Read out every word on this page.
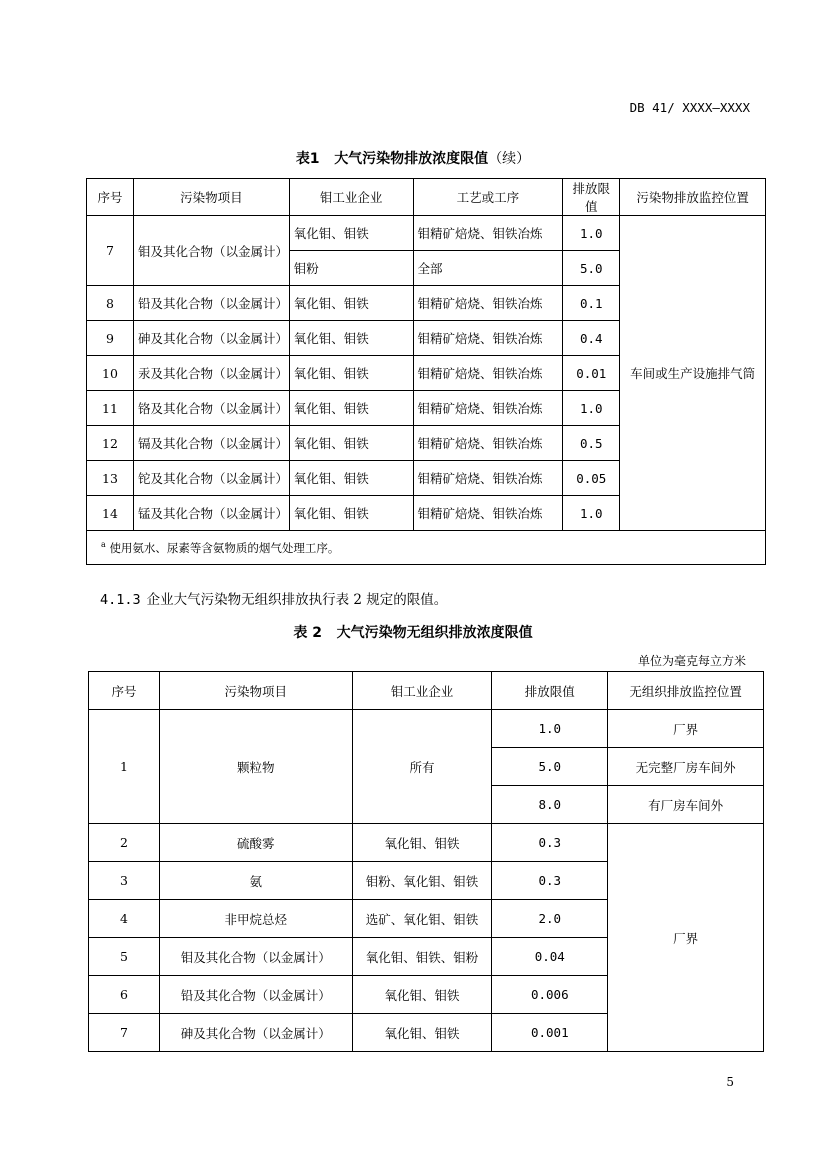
DB 41/ XXXX—XXXX
表1 大气污染物排放浓度限值（续）
序号	污染物项目	钼工业企业	工艺或工序	排放限值	污染物排放监控位置
7	钼及其化合物（以金属计）	氧化钼、钼铁	钼精矿焙烧、钼铁冶炼	1.0	车间或生产设施排气筒
		钼粉	全部	5.0	
8	铅及其化合物（以金属计）	氧化钼、钼铁	钼精矿焙烧、钼铁冶炼	0.1	
9	砷及其化合物（以金属计）	氧化钼、钼铁	钼精矿焙烧、钼铁冶炼	0.4	
10	汞及其化合物（以金属计）	氧化钼、钼铁	钼精矿焙烧、钼铁冶炼	0.01	
11	铬及其化合物（以金属计）	氧化钼、钼铁	钼精矿焙烧、钼铁冶炼	1.0	
12	镉及其化合物（以金属计）	氧化钼、钼铁	钼精矿焙烧、钼铁冶炼	0.5	
13	铊及其化合物（以金属计）	氧化钼、钼铁	钼精矿焙烧、钼铁冶炼	0.05	
14	锰及其化合物（以金属计）	氧化钼、钼铁	钼精矿焙烧、钼铁冶炼	1.0	
$^a$ 使用氨水、尿素等含氨物质的烟气处理工序。					
4.1.3 企业大气污染物无组织排放执行表 2 规定的限值。
表 2 大气污染物无组织排放浓度限值
单位为毫克每立方米
序号	污染物项目	钼工业企业	排放限值	无组织排放监控位置
1	颗粒物	所有	1.0	厂界
			5.0	无完整厂房车间外
			8.0	有厂房车间外
2	硫酸雾	氧化钼、钼铁	0.3	厂界
3	氨	钼粉、氧化钼、钼铁	0.3	
4	非甲烷总烃	选矿、氧化钼、钼铁	2.0	
5	钼及其化合物（以金属计）	氧化钼、钼铁、钼粉	0.04	
6	铅及其化合物（以金属计）	氧化钼、钼铁	0.006	
7	砷及其化合物（以金属计）	氧化钼、钼铁	0.001	
5
